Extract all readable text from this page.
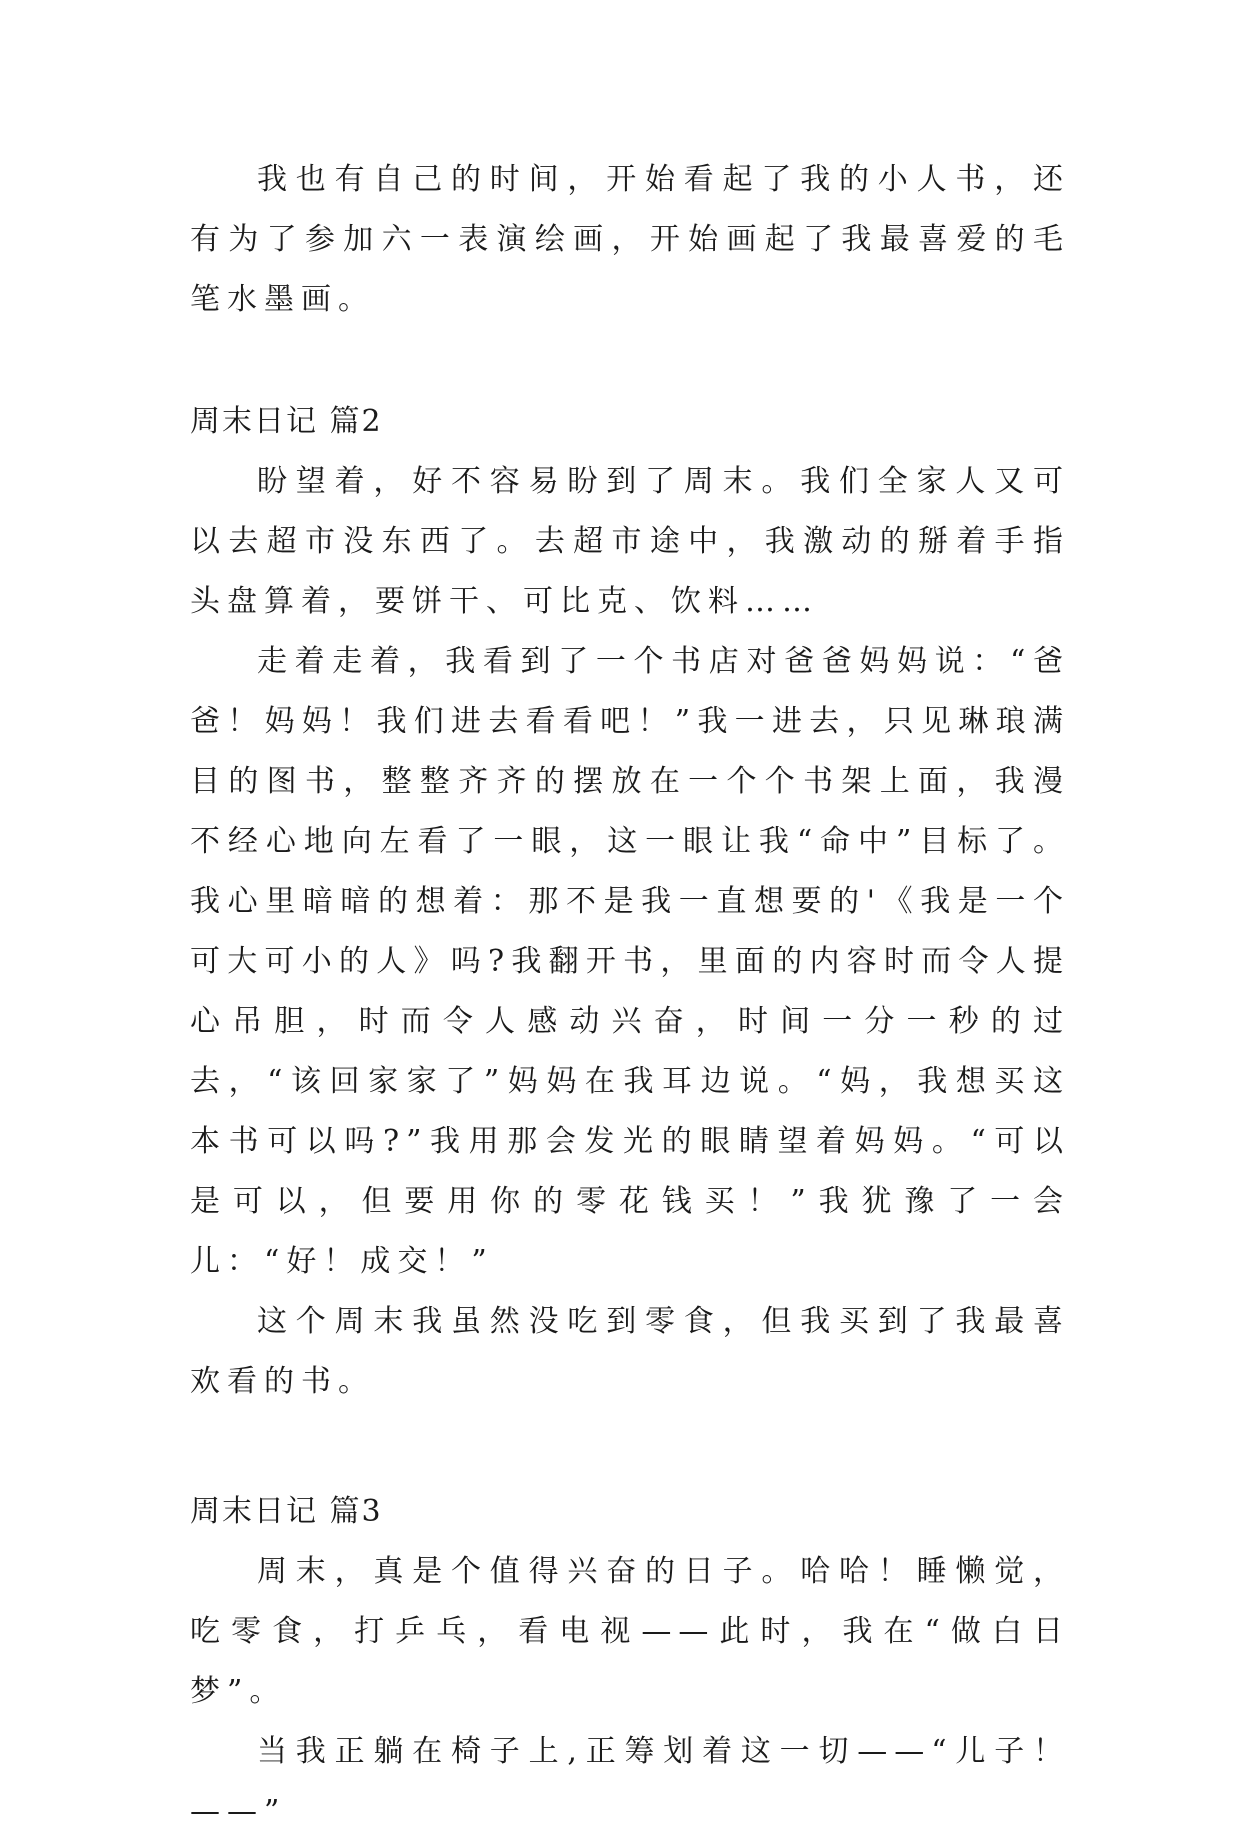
我也有自己的时间，开始看起了我的小人书，还有为了参加六一表演绘画，开始画起了我最喜爱的毛笔水墨画。

周末日记 篇2

盼望着，好不容易盼到了周末。我们全家人又可以去超市没东西了。去超市途中，我激动的掰着手指头盘算着，要饼干、可比克、饮料……

走着走着，我看到了一个书店对爸爸妈妈说：“爸爸！妈妈！我们进去看看吧！”我一进去，只见琳琅满目的图书，整整齐齐的摆放在一个个书架上面，我漫不经心地向左看了一眼，这一眼让我“命中”目标了。我心里暗暗的想着：那不是我一直想要的'《我是一个可大可小的人》吗?我翻开书，里面的内容时而令人提心吊胆，时而令人感动兴奋，时间一分一秒的过去，“该回家家了”妈妈在我耳边说。“妈，我想买这本书可以吗?”我用那会发光的眼睛望着妈妈。“可以是可以，但要用你的零花钱买！”我犹豫了一会儿：“好！成交！”

这个周末我虽然没吃到零食，但我买到了我最喜欢看的书。

周末日记 篇3

周末，真是个值得兴奋的日子。哈哈！睡懒觉，吃零食，打乒乓，看电视——此时，我在“做白日梦”。

当我正躺在椅子上,正筹划着这一切——“儿子！——”
